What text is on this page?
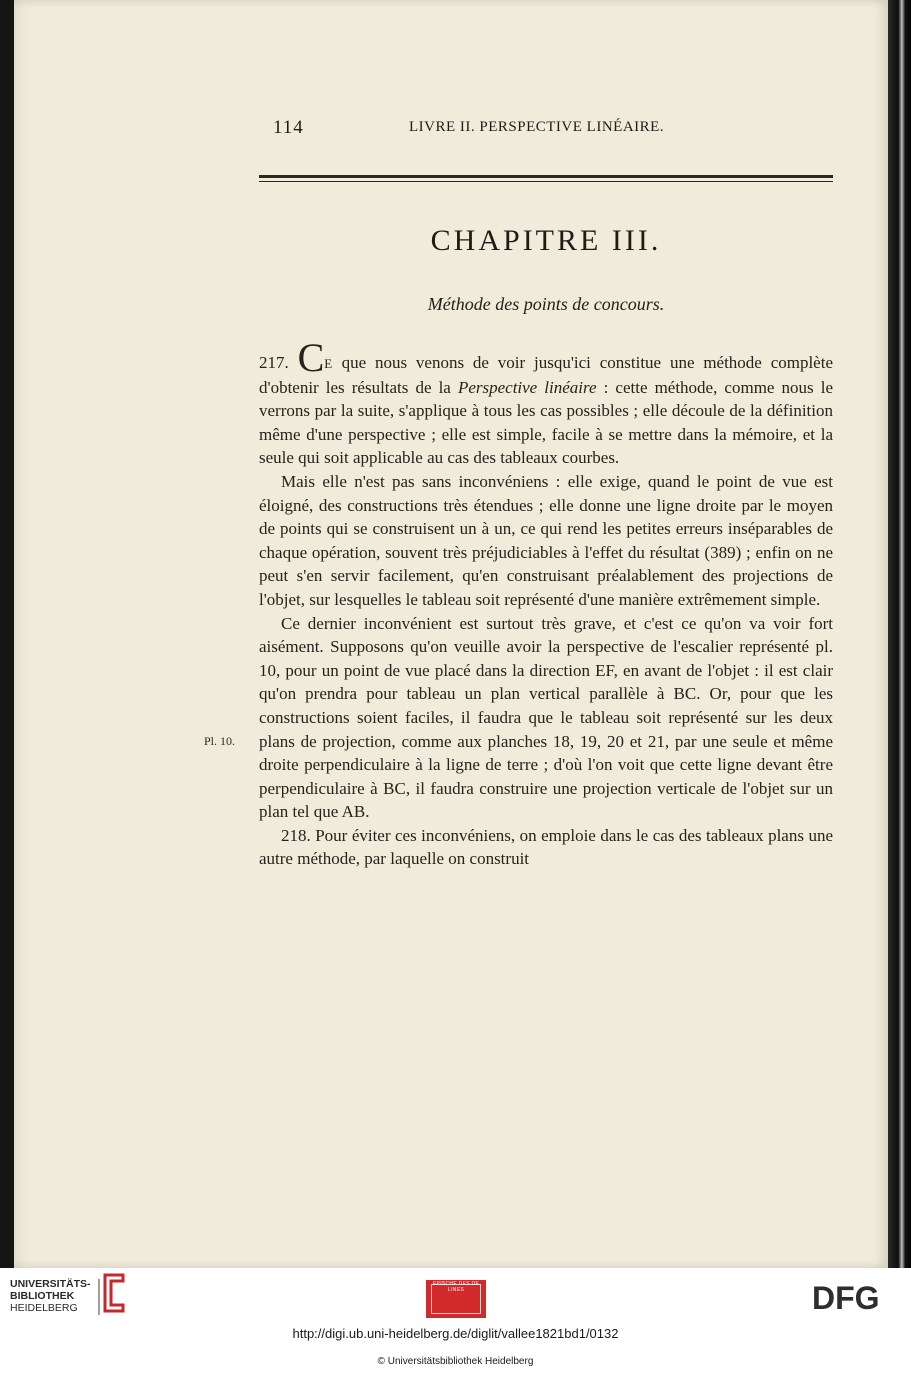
114	LIVRE II. PERSPECTIVE LINÉAIRE.
CHAPITRE III.
Méthode des points de concours.
Pl. 10.

217. CE que nous venons de voir jusqu'ici constitue une méthode complète d'obtenir les résultats de la Perspective linéaire : cette méthode, comme nous le verrons par la suite, s'applique à tous les cas possibles ; elle découle de la définition même d'une perspective ; elle est simple, facile à se mettre dans la mémoire, et la seule qui soit applicable au cas des tableaux courbes.

Mais elle n'est pas sans inconvéniens : elle exige, quand le point de vue est éloigné, des constructions très étendues ; elle donne une ligne droite par le moyen de points qui se construisent un à un, ce qui rend les petites erreurs inséparables de chaque opération, souvent très préjudiciables à l'effet du résultat (389) ; enfin on ne peut s'en servir facilement, qu'en construisant préalablement des projections de l'objet, sur lesquelles le tableau soit représenté d'une manière extrêmement simple.

Ce dernier inconvénient est surtout très grave, et c'est ce qu'on va voir fort aisément. Supposons qu'on veuille avoir la perspective de l'escalier représenté pl. 10, pour un point de vue placé dans la direction EF, en avant de l'objet : il est clair qu'on prendra pour tableau un plan vertical parallèle à BC. Or, pour que les constructions soient faciles, il faudra que le tableau soit représenté sur les deux plans de projection, comme aux planches 18, 19, 20 et 21, par une seule et même droite perpendiculaire à la ligne de terre ; d'où l'on voit que cette ligne devant être perpendiculaire à BC, il faudra construire une projection verticale de l'objet sur un plan tel que AB.

218. Pour éviter ces inconvéniens, on emploie dans le cas des tableaux plans une autre méthode, par laquelle on construit

UNIVERSITÄTS-
BIBLIOTHEK
HEIDELBERG
EPISCHE DES DE LINES	DFG
http://digi.ub.uni-heidelberg.de/diglit/vallee1821bd1/0132
© Universitätsbibliothek Heidelberg
